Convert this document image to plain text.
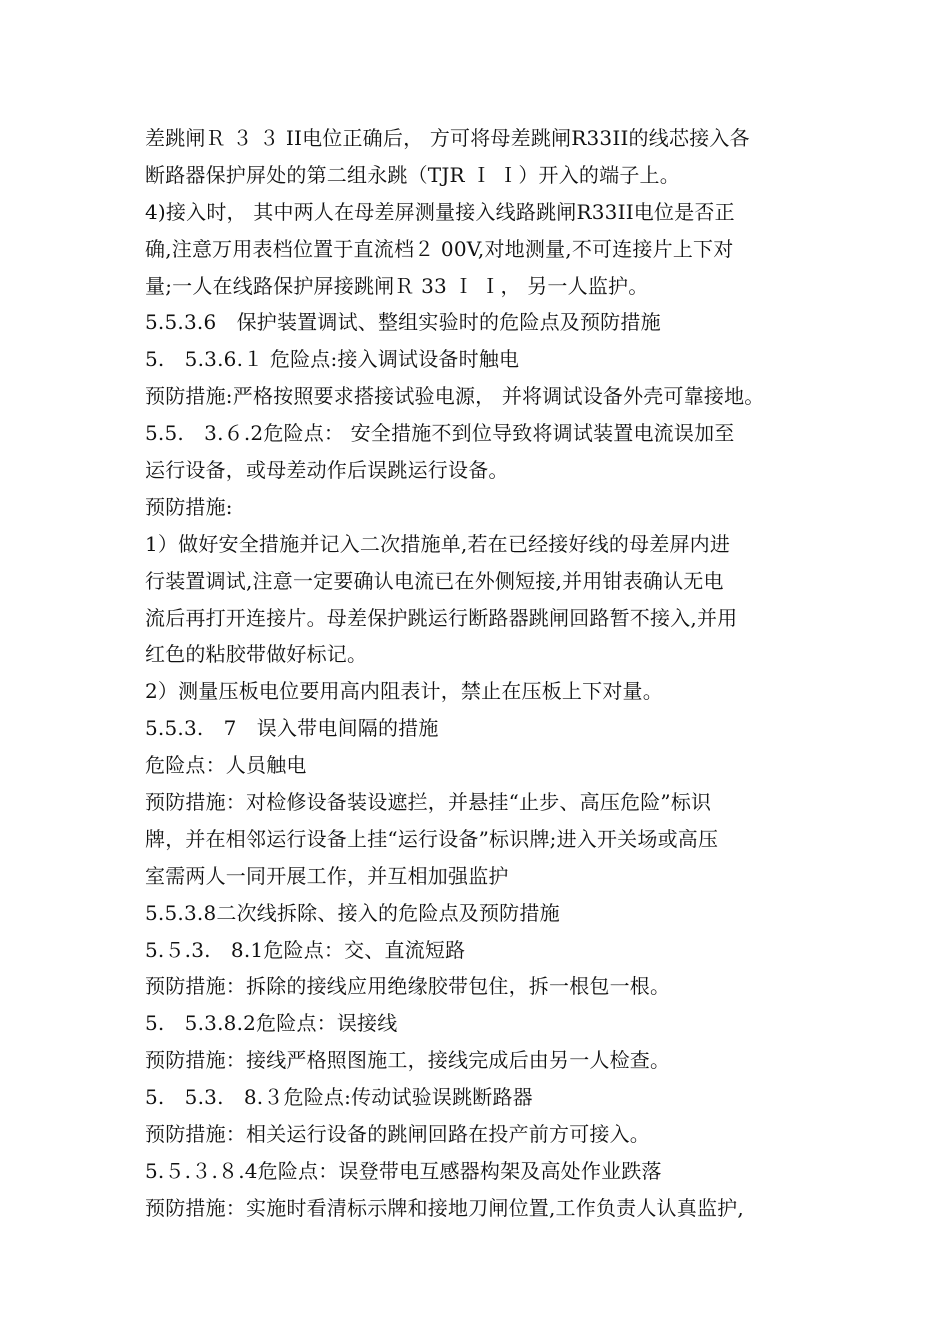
差跳闸Ｒ ３ ３ II电位正确后， 方可将母差跳闸R33II的线芯接入各
断路器保护屏处的第二组永跳（TJR Ｉ Ｉ）开入的端子上。
4)接入时， 其中两人在母差屏测量接入线路跳闸R33II电位是否正
确,注意万用表档位置于直流档２ 00V,对地测量,不可连接片上下对
量;一人在线路保护屏接跳闸Ｒ 33 Ｉ Ｉ， 另一人监护。
5.5.3.6　保护装置调试、整组实验时的危险点及预防措施
5.　5.3.6.１ 危险点:接入调试设备时触电
预防措施:严格按照要求搭接试验电源， 并将调试设备外壳可靠接地。
5.5.　3.６.2危险点： 安全措施不到位导致将调试装置电流误加至
运行设备，或母差动作后误跳运行设备。
预防措施:
1）做好安全措施并记入二次措施单,若在已经接好线的母差屏内进
行装置调试,注意一定要确认电流已在外侧短接,并用钳表确认无电
流后再打开连接片。母差保护跳运行断路器跳闸回路暂不接入,并用
红色的粘胶带做好标记。
2）测量压板电位要用高内阻表计，禁止在压板上下对量。
5.5.3.　7　误入带电间隔的措施
危险点：人员触电
预防措施：对检修设备装设遮拦，并悬挂“止步、高压危险”标识
牌，并在相邻运行设备上挂“运行设备”标识牌;进入开关场或高压
室需两人一同开展工作，并互相加强监护
5.5.3.8二次线拆除、接入的危险点及预防措施
5.５.3.　8.1危险点：交、直流短路
预防措施：拆除的接线应用绝缘胶带包住，拆一根包一根。
5.　5.3.8.2危险点：误接线
预防措施：接线严格照图施工，接线完成后由另一人检查。
5.　5.3.　8.３危险点:传动试验误跳断路器
预防措施：相关运行设备的跳闸回路在投产前方可接入。
5.５.３.８.4危险点：误登带电互感器构架及高处作业跌落
预防措施：实施时看清标示牌和接地刀闸位置,工作负责人认真监护,
